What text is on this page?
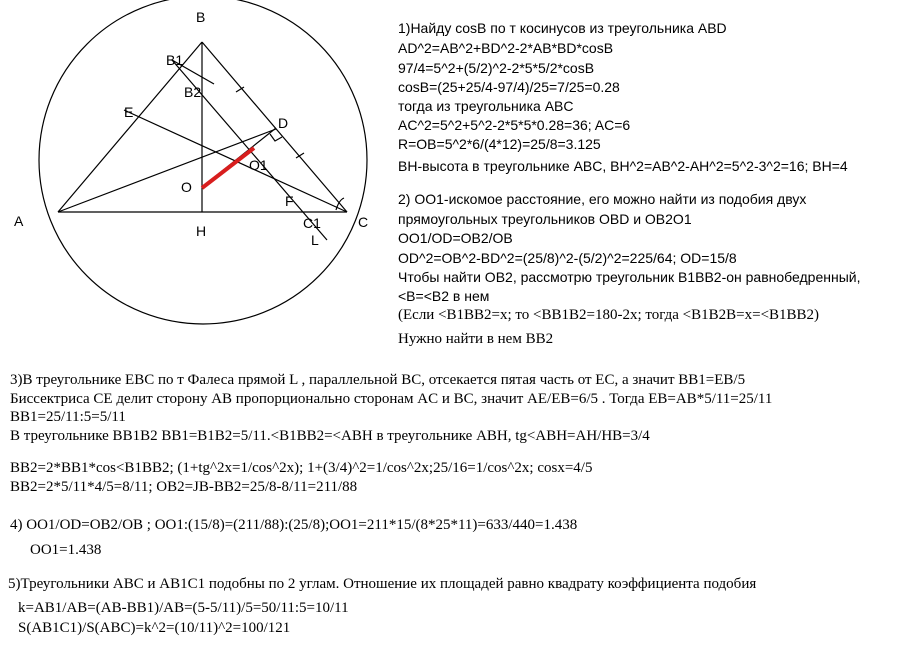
B
B1
B2
E
D
O1
O
A
H
F
C1	C
L
1)Найду cosB по т косинусов из треугольника ABD
AD^2=AB^2+BD^2-2*AB*BD*cosB
97/4=5^2+(5/2)^2-2*5*5/2*cosB
cosB=(25+25/4-97/4)/25=7/25=0.28
тогда из треугольника ABC
AC^2=5^2+5^2-2*5*5*0.28=36; AC=6
R=OB=5^2*6/(4*12)=25/8=3.125
BH-высота в треугольнике ABC, BH^2=AB^2-AH^2=5^2-3^2=16; BH=4
2) OO1-искомое расстояние, его можно найти из подобия двух
прямоугольных треугольников OBD и OB2O1
OO1/OD=OB2/OB
OD^2=OB^2-BD^2=(25/8)^2-(5/2)^2=225/64; OD=15/8
Чтобы найти OB2, рассмотрю треугольник B1BB2-он равнобедренный,
<B=<B2 в нем
(Если <B1BB2=x; то <BB1B2=180-2x; тогда <B1B2B=x=<B1BB2)
Нужно найти в нем BB2
3)В треугольнике EBC по т Фалеса прямой L , параллельной BC, отсекается пятая часть от EC, а значит BB1=EB/5
Биссектриса CE делит сторону AB пропорционально сторонам AC и BC, значит AE/EB=6/5 . Тогда EB=AB*5/11=25/11
BB1=25/11:5=5/11
В треугольнике BB1B2 BB1=B1B2=5/11.<B1BB2=<ABH в треугольнике ABH, tg<ABH=AH/HB=3/4
BB2=2*BB1*cos<B1BB2; (1+tg^2x=1/cos^2x); 1+(3/4)^2=1/cos^2x;25/16=1/cos^2x; cosx=4/5
BB2=2*5/11*4/5=8/11; OB2=JB-BB2=25/8-8/11=211/88
4) OO1/OD=OB2/OB ; OO1:(15/8)=(211/88):(25/8);OO1=211*15/(8*25*11)=633/440=1.438
OO1=1.438
5)Треугольники ABC и AB1C1 подобны по 2 углам. Отношение их площадей равно квадрату коэффициента подобия
k=AB1/AB=(AB-BB1)/AB=(5-5/11)/5=50/11:5=10/11
S(AB1C1)/S(ABC)=k^2=(10/11)^2=100/121
